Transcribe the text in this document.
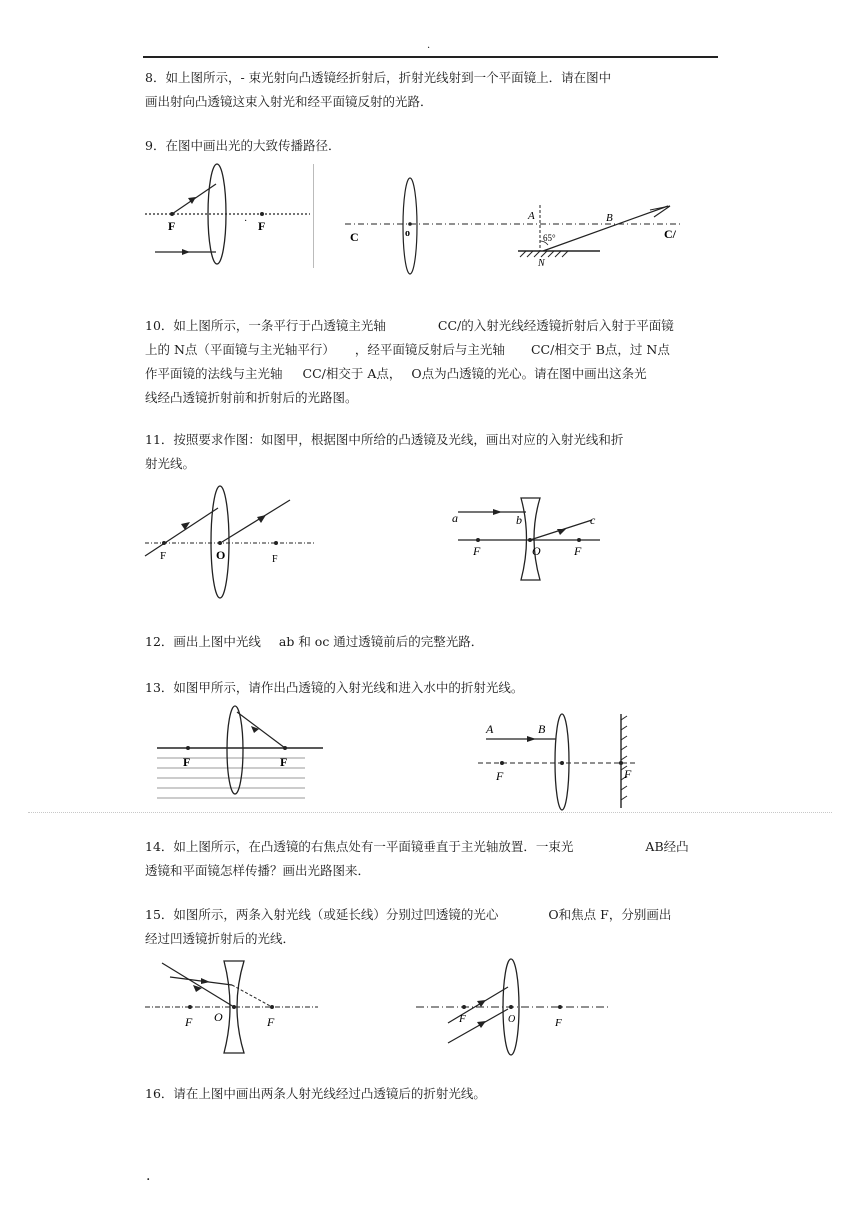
.
8．如上图所示，- 束光射向凸透镜经折射后，折射光线射到一个平面镜上．请在图中
画出射向凸透镜这束入射光和经平面镜反射的光路．
9．在图中画出光的大致传播路径．
F	F
·
C	o
A	B
65°
N
C/
10．如上图所示，一条平行于凸透镜主光轴	CC/的入射光线经透镜折射后入射于平面镜
上的 N点（平面镜与主光轴平行） ，经平面镜反射后与主光轴 CC/相交于 B点，过 N点
作平面镜的法线与主光轴 CC/相交于 A点， O点为凸透镜的光心。请在图中画出这条光
线经凸透镜折射前和折射后的光路图。
11．按照要求作图：如图甲，根据图中所给的凸透镜及光线，画出对应的入射光线和折
射光线。
F	O	F
a	b	c
F	O	F
12．画出上图中光线 ab 和 oc 通过透镜前后的完整光路．
13．如图甲所示，请作出凸透镜的入射光线和进入水中的折射光线。
F	F
A	B
F	F
14．如上图所示，在凸透镜的右焦点处有一平面镜垂直于主光轴放置．一束光	AB经凸
透镜和平面镜怎样传播？画出光路图来．
15．如图所示，两条入射光线（或延长线）分别过凹透镜的光心	O和焦点 F，分别画出
经过凹透镜折射后的光线．
F O	F	F	O	F
16．请在上图中画出两条人射光线经过凸透镜后的折射光线。
.
